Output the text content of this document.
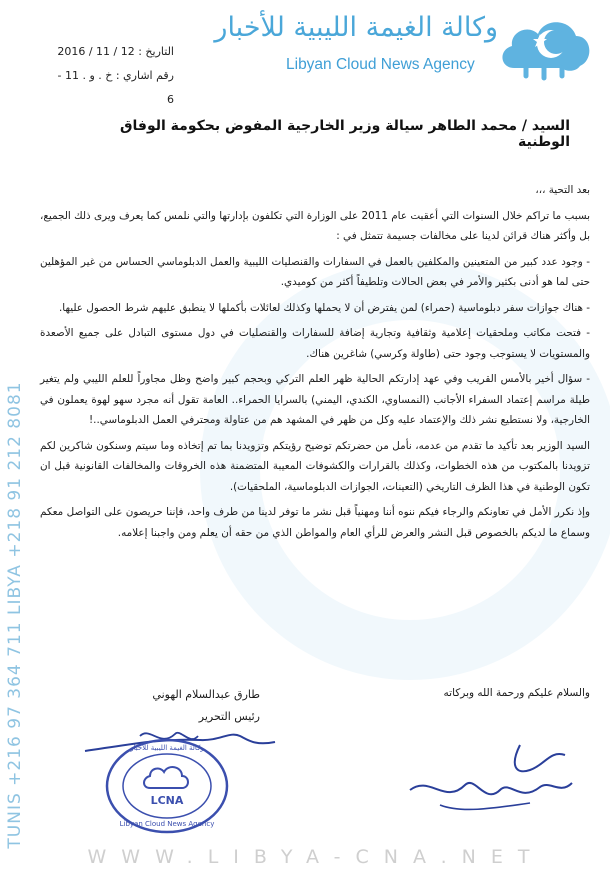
وكالة الغيمة الليبية للأخبار
Libyan Cloud News Agency
التاريخ : 12 / 11 / 2016
رقم اشاري : خ . و . 11 - 6
السيد / محمد الطاهر سيالة وزير الخارجية المفوض بحكومة الوفاق الوطنية

بعد التحية ،،،

بسبب ما تراكم خلال السنوات التي أعقبت عام 2011 على الوزارة التي تكلفون بإدارتها والتي نلمس كما يعرف ويرى ذلك الجميع، بل وأكثر هناك قرائن لدينا على مخالفات جسيمة تتمثل في :

- وجود عدد كبير من المتعينين والمكلفين بالعمل في السفارات والقنصليات الليبية والعمل الدبلوماسي الحساس من غير المؤهلين حتى لما هو أدنى بكثير والأمر في بعض الحالات وتلطيفاً أكثر من كوميدي.

- هناك جوازات سفر دبلوماسية (حمراء) لمن يفترض أن لا يحملها وكذلك لعائلات بأكملها لا ينطبق عليهم شرط الحصول عليها.

- فتحت مكاتب وملحقيات إعلامية وثقافية وتجارية إضافة للسفارات والقنصليات في دول مستوى التبادل على جميع الأصعدة والمستويات لا يستوجب وجود حتى (طاولة وكرسي) شاغرين هناك.

- سؤال أخير بالأمس القريب وفي عهد إدارتكم الحالية ظهر العلم التركي وبحجم كبير واضح وظل مجاوراً للعلم الليبي ولم يتغير طيلة مراسم إعتماد السفراء الأجانب (النمساوي، الكندي، اليمني) بالسرايا الحمراء.. العامة تقول أنه مجرد سهو لهوة يعملون في الخارجية، ولا نستطيع نشر ذلك والإعتماد عليه وكل من ظهر في المشهد هم من عتاولة ومحترفي العمل الدبلوماسي..!

السيد الوزير بعد تأكيد ما تقدم من عدمه، نأمل من حضرتكم توضيح رؤيتكم وتزويدنا بما تم إتخاذه وما سيتم وسنكون شاكرين لكم تزويدنا بالمكتوب من هذه الخطوات، وكذلك بالقرارات والكشوفات المعيبة المتضمنة هذه الخروقات والمخالفات القانونية قبل ان تكون الوطنية في هذا الظرف التاريخي (التعينات، الجوازات الدبلوماسية، الملحقيات).

وإذ نكرر الأمل في تعاونكم والرجاء فيكم ننوه أننا ومهنياً قبل نشر ما توفر لدينا من طرف واحد، فإننا حريصون على التواصل معكم وسماع ما لديكم بالخصوص قبل النشر والعرض للرأي العام والمواطن الذي من حقه أن يعلم ومن واجبنا إعلامه.

والسلام عليكم ورحمة الله وبركاته
طارق عبدالسلام الهوني
رئيس التحرير
LCNA
Libyan Cloud News Agency
وكالة الغيمة الليبية للأخبار
TUNIS +216 97 364 711 LIBYA +218 91 212 8081
WWW.LIBYA-CNA.NET
